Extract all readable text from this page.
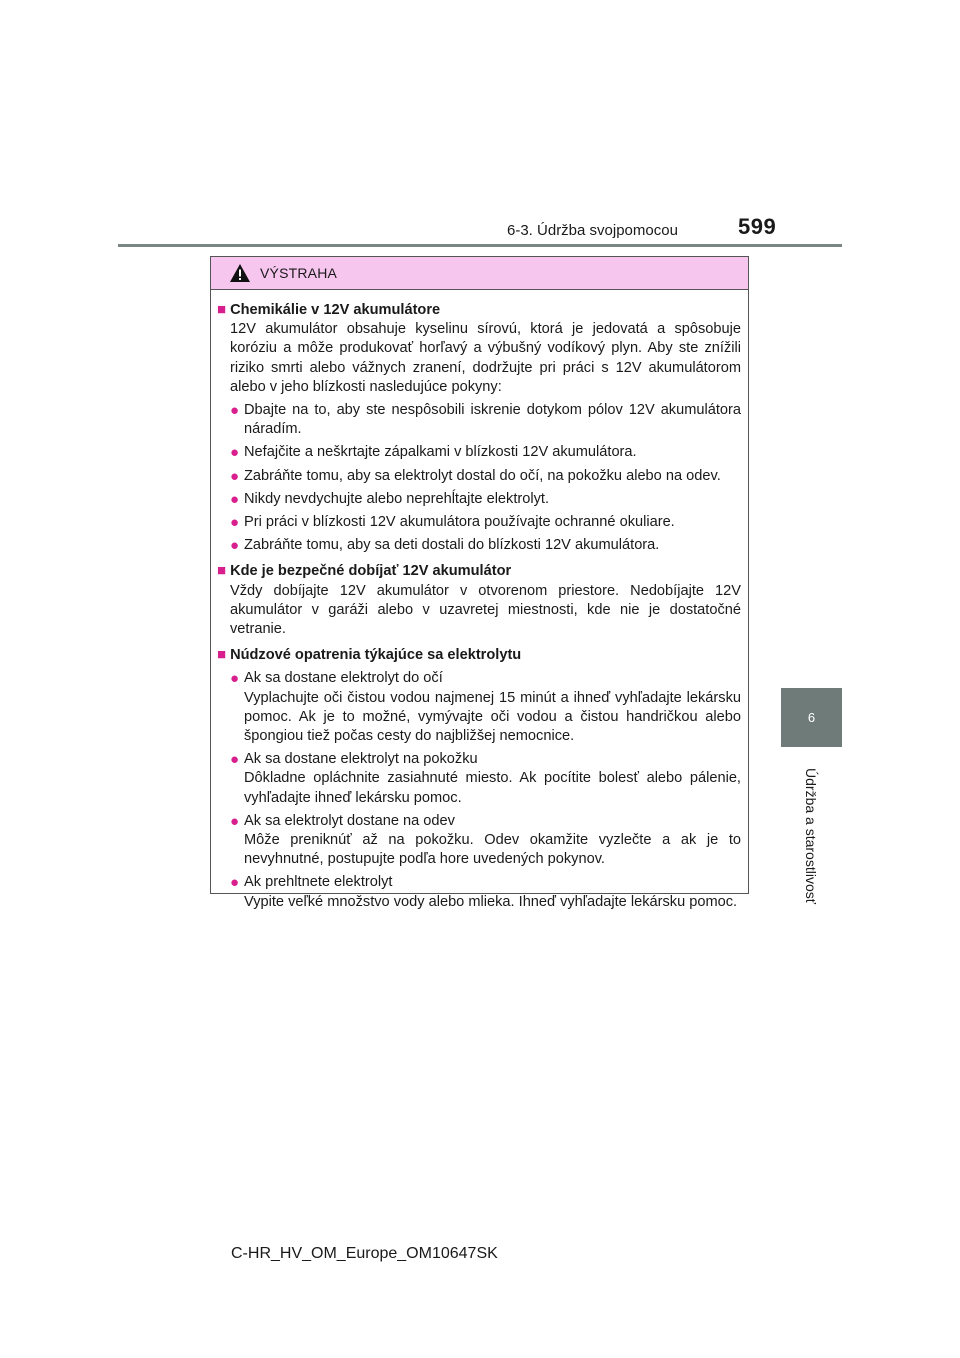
6-3. Údržba svojpomocou	599
6
Údržba a starostlivosť
VÝSTRAHA
■ Chemikálie v 12V akumulátore
12V akumulátor obsahuje kyselinu sírovú, ktorá je jedovatá a spôsobuje koróziu a môže produkovať horľavý a výbušný vodíkový plyn. Aby ste znížili riziko smrti alebo vážnych zranení, dodržujte pri práci s 12V akumulátorom alebo v jeho blízkosti nasledujúce pokyny:
● Dbajte na to, aby ste nespôsobili iskrenie dotykom pólov 12V akumulátora náradím.
● Nefajčite a neškrtajte zápalkami v blízkosti 12V akumulátora.
● Zabráňte tomu, aby sa elektrolyt dostal do očí, na pokožku alebo na odev.
● Nikdy nevdychujte alebo neprehĺtajte elektrolyt.
● Pri práci v blízkosti 12V akumulátora používajte ochranné okuliare.
● Zabráňte tomu, aby sa deti dostali do blízkosti 12V akumulátora.
■ Kde je bezpečné dobíjať 12V akumulátor
Vždy dobíjajte 12V akumulátor v otvorenom priestore. Nedobíjajte 12V akumulátor v garáži alebo v uzavretej miestnosti, kde nie je dostatočné vetranie.
■ Núdzové opatrenia týkajúce sa elektrolytu
● Ak sa dostane elektrolyt do očí
Vyplachujte oči čistou vodou najmenej 15 minút a ihneď vyhľadajte lekársku pomoc. Ak je to možné, vymývajte oči vodou a čistou handričkou alebo špongiou tiež počas cesty do najbližšej nemocnice.
● Ak sa dostane elektrolyt na pokožku
Dôkladne opláchnite zasiahnuté miesto. Ak pocítite bolesť alebo pálenie, vyhľadajte ihneď lekársku pomoc.
● Ak sa elektrolyt dostane na odev
Môže preniknúť až na pokožku. Odev okamžite vyzlečte a ak je to nevyhnutné, postupujte podľa hore uvedených pokynov.
● Ak prehltnete elektrolyt
Vypite veľké množstvo vody alebo mlieka. Ihneď vyhľadajte lekársku pomoc.
C-HR_HV_OM_Europe_OM10647SK
